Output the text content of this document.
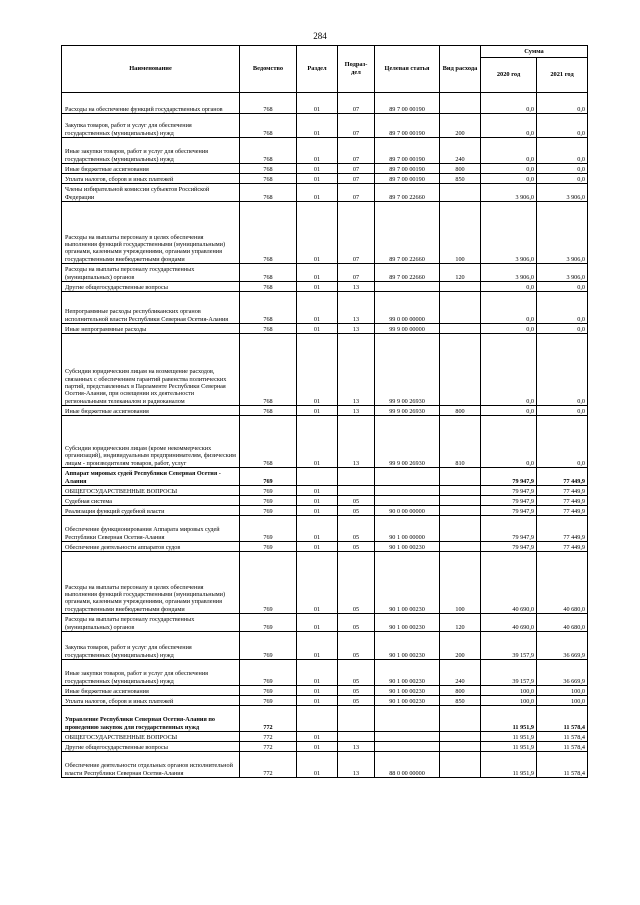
284
Наименование	Ведомство	Раздел	Подраз- дел	Целевая статья	Вид расхода	Сумма	
						2020 год	2021 год
Расходы на обеспечение функций государственных органов	768	01	07	89 7 00 00190		0,0	0,0
Закупка товаров, работ и услуг для обеспечения государственных (муниципальных) нужд	768	01	07	89 7 00 00190	200	0,0	0,0
Иные закупки товаров, работ и услуг для обеспечения государственных (муниципальных) нужд	768	01	07	89 7 00 00190	240	0,0	0,0
Иные бюджетные ассигнования	768	01	07	89 7 00 00190	800	0,0	0,0
Уплата налогов, сборов и иных платежей	768	01	07	89 7 00 00190	850	0,0	0,0
Члены избирательной комиссии субъектов Российской Федерации	768	01	07	89 7 00 22660		3 906,0	3 906,0
Расходы на выплаты персоналу в целях обеспечения выполнения функций государственными (муниципальными) органами, казенными учреждениями, органами управления государственными внебюджетными фондами	768	01	07	89 7 00 22660	100	3 906,0	3 906,0
Расходы на выплаты персоналу государственных (муниципальных) органов	768	01	07	89 7 00 22660	120	3 906,0	3 906,0
Другие общегосударственные вопросы	768	01	13			0,0	0,0
Непрограммные расходы республиканских органов исполнительной власти Республики Северная Осетия-Алания	768	01	13	99 0 00 00000		0,0	0,0
Иные непрограммные расходы	768	01	13	99 9 00 00000		0,0	0,0
Субсидии юридическим лицам на возмещение расходов, связанных с обеспечением гарантий равенства политических партий, представленных в Парламенте Республики Северная Осетия-Алания, при освещении их деятельности региональными телеканалом и радиоканалом	768	01	13	99 9 00 26930		0,0	0,0
Иные бюджетные ассигнования	768	01	13	99 9 00 26930	800	0,0	0,0
Субсидии юридическим лицам (кроме некоммерческих организаций), индивидуальным предпринимателям, физическим лицам - производителям товаров, работ, услуг	768	01	13	99 9 00 26930	810	0,0	0,0
Аппарат мировых судей Республики Северная Осетия - Алания	769					79 947,9	77 449,9
ОБЩЕГОСУДАРСТВЕННЫЕ ВОПРОСЫ	769	01				79 947,9	77 449,9
Судебная система	769	01	05			79 947,9	77 449,9
Реализация функций судебной власти	769	01	05	90 0 00 00000		79 947,9	77 449,9
Обеспечение функционирования Аппарата мировых судей Республики Северная Осетия-Алания	769	01	05	90 1 00 00000		79 947,9	77 449,9
Обеспечение деятельности аппаратов судов	769	01	05	90 1 00 00230		79 947,9	77 449,9
Расходы на выплаты персоналу в целях обеспечения выполнения функций государственными (муниципальными) органами, казенными учреждениями, органами управления государственными внебюджетными фондами	769	01	05	90 1 00 00230	100	40 690,0	40 680,0
Расходы на выплаты персоналу государственных (муниципальных) органов	769	01	05	90 1 00 00230	120	40 690,0	40 680,0
Закупка товаров, работ и услуг для обеспечения государственных (муниципальных) нужд	769	01	05	90 1 00 00230	200	39 157,9	36 669,9
Иные закупки товаров, работ и услуг для обеспечения государственных (муниципальных) нужд	769	01	05	90 1 00 00230	240	39 157,9	36 669,9
Иные бюджетные ассигнования	769	01	05	90 1 00 00230	800	100,0	100,0
Уплата налогов, сборов и иных платежей	769	01	05	90 1 00 00230	850	100,0	100,0
Управление Республики Северная Осетия-Алания по проведению закупок для государственных нужд	772					11 951,9	11 578,4
ОБЩЕГОСУДАРСТВЕННЫЕ ВОПРОСЫ	772	01				11 951,9	11 578,4
Другие общегосударственные вопросы	772	01	13			11 951,9	11 578,4
Обеспечение деятельности отдельных органов исполнительной власти Республики Северная Осетия-Алания	772	01	13	88 0 00 00000		11 951,9	11 578,4
